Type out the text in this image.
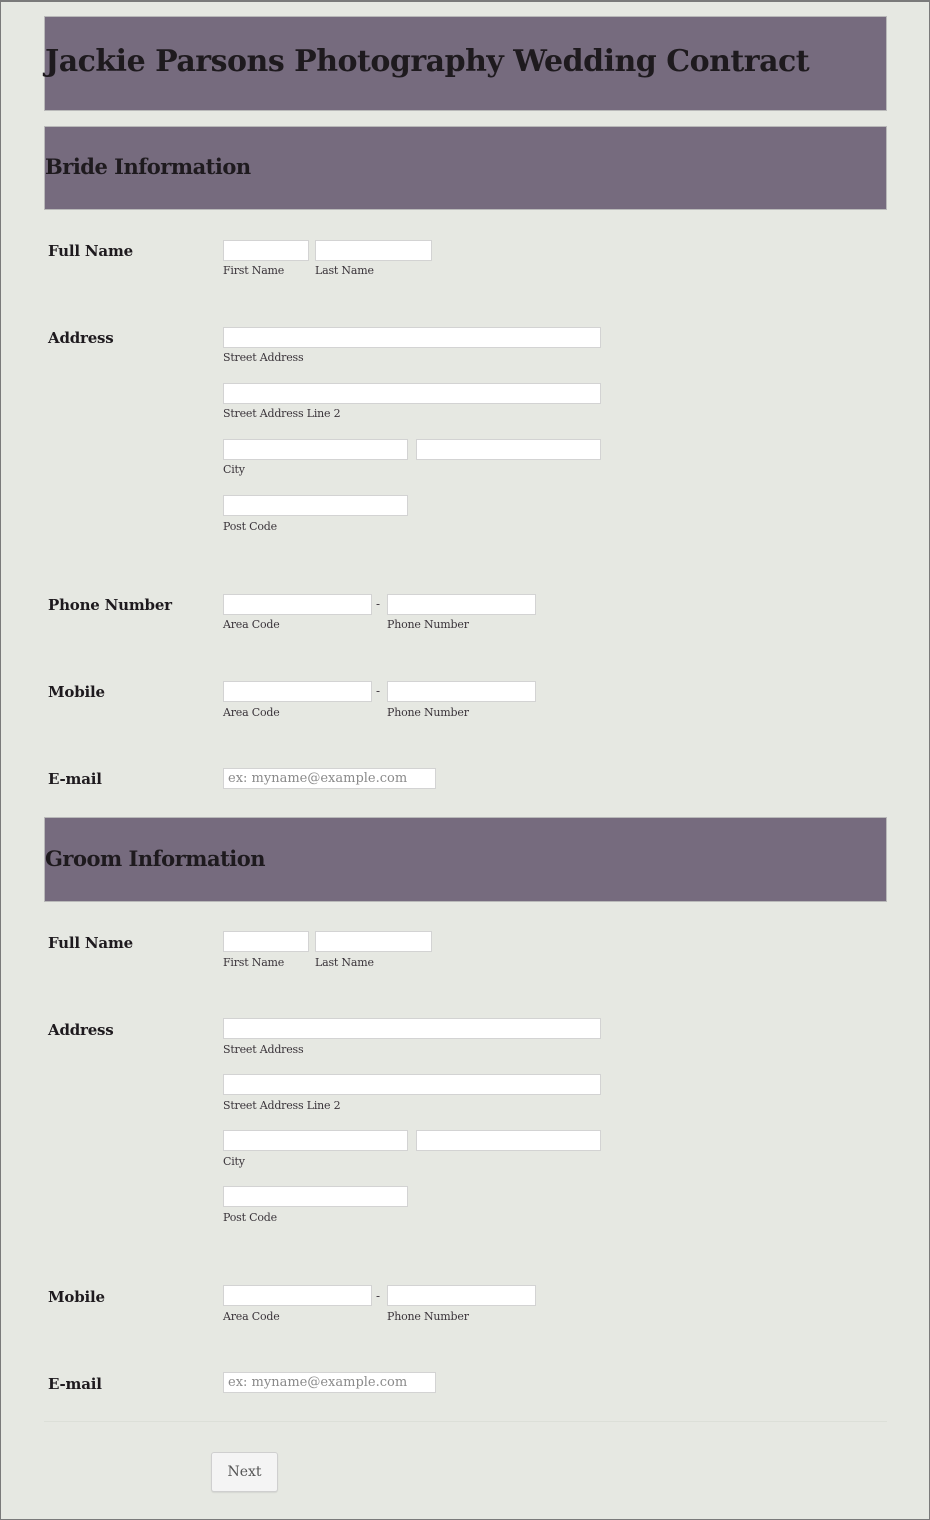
Jackie Parsons Photography Wedding Contract
Bride Information
Full Name
First Name	Last Name
Address
Street Address
Street Address Line 2
City
Post Code
Phone Number	-
Area Code	Phone Number
Mobile	-
Area Code	Phone Number
E-mail
ex: myname@example.com
Groom Information
Full Name
First Name	Last Name
Address
Street Address
Street Address Line 2
City
Post Code
Mobile	-
Area Code	Phone Number
E-mail
ex: myname@example.com
Next
